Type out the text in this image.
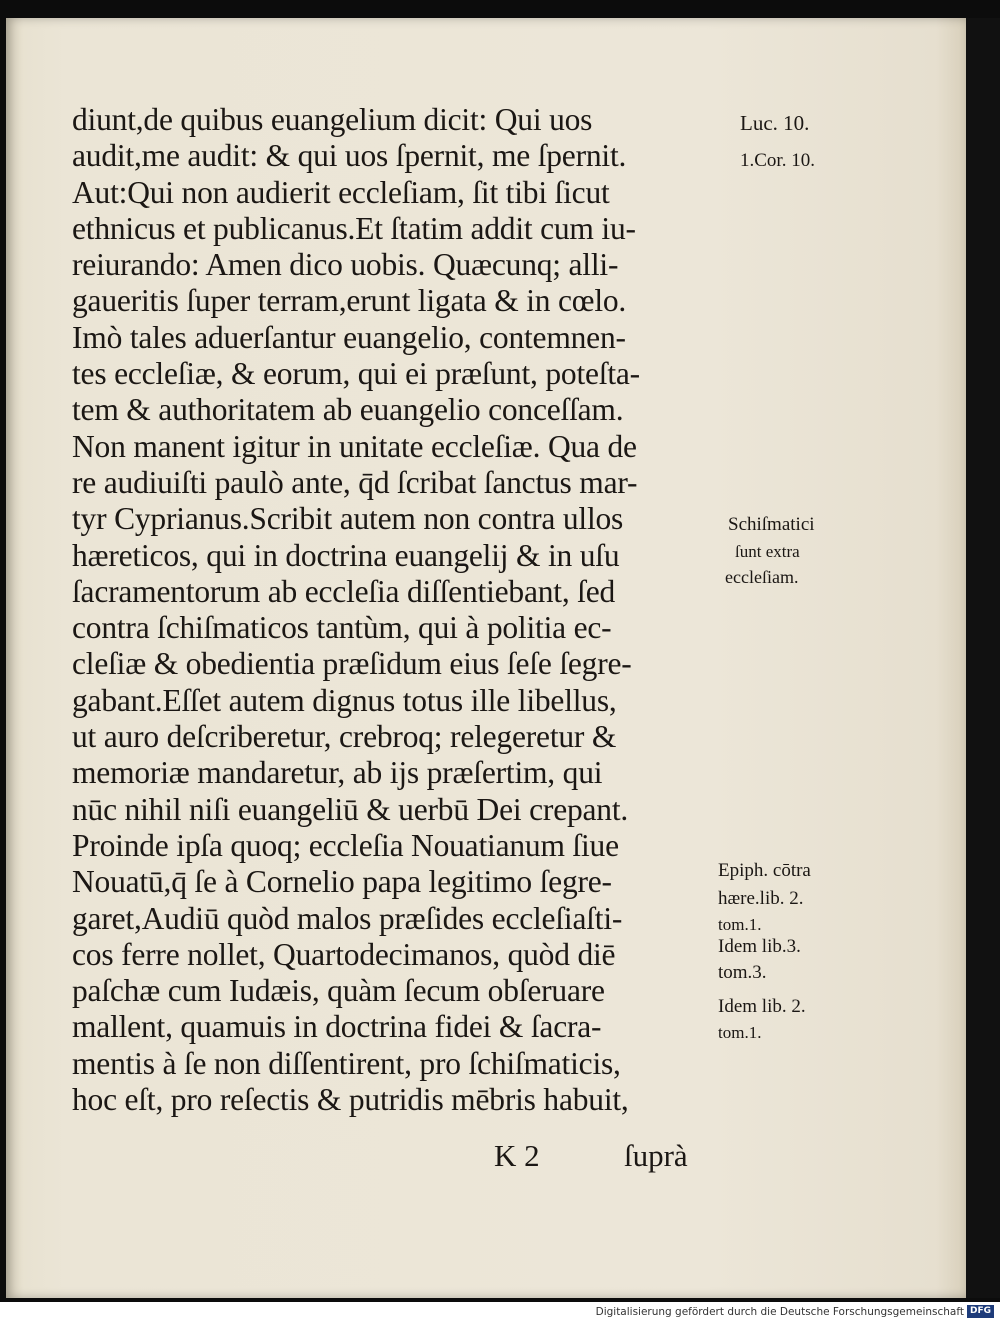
diunt,de quibus euangelium dicit: Qui uos
audit,me audit: & qui uos ſpernit, me ſpernit.
Aut:Qui non audierit eccleſiam, ſit tibi ſicut
ethnicus et publicanus.Et ſtatim addit cum iu-
reiurando: Amen dico uobis. Quæcunq; alli-
gaueritis ſuper terram,erunt ligata & in cœlo.
Imò tales aduerſantur euangelio, contemnen-
tes eccleſiæ, & eorum, qui ei præſunt, poteſta-
tem & authoritatem ab euangelio conceſſam.
Non manent igitur in unitate eccleſiæ. Qua de
re audiuiſti paulò ante, q̄d ſcribat ſanctus mar-
tyr Cyprianus.Scribit autem non contra ullos
hæreticos, qui in doctrina euangelij & in uſu
ſacramentorum ab eccleſia diſſentiebant, ſed
contra ſchiſmaticos tantùm, qui à politia ec-
cleſiæ & obedientia præſidum eius ſeſe ſegre-
gabant.Eſſet autem dignus totus ille libellus,
ut auro deſcriberetur, crebroq; relegeretur &
memoriæ mandaretur, ab ijs præſertim, qui
nūc nihil niſi euangeliū & uerbū Dei crepant.
Proinde ipſa quoq; eccleſia Nouatianum ſiue
Nouatū,q̄ ſe à Cornelio papa legitimo ſegre-
garet,Audiū quòd malos præſides eccleſiaſti-
cos ferre nollet, Quartodecimanos, quòd diē
paſchæ cum Iudæis, quàm ſecum obſeruare
mallent, quamuis in doctrina fidei & ſacra-
mentis à ſe non diſſentirent, pro ſchiſmaticis,
hoc eſt, pro reſectis & putridis mēbris habuit,
Luc. 10.
1.Cor. 10.
Schiſmatici
ſunt extra
eccleſiam.
Epiph. cōtra
hære.lib. 2.
tom.1.
Idem lib.3.
tom.3.
Idem lib. 2.
tom.1.
K 2	ſuprà
Digitalisierung gefördert durch die Deutsche Forschungsgemeinschaft DFG
